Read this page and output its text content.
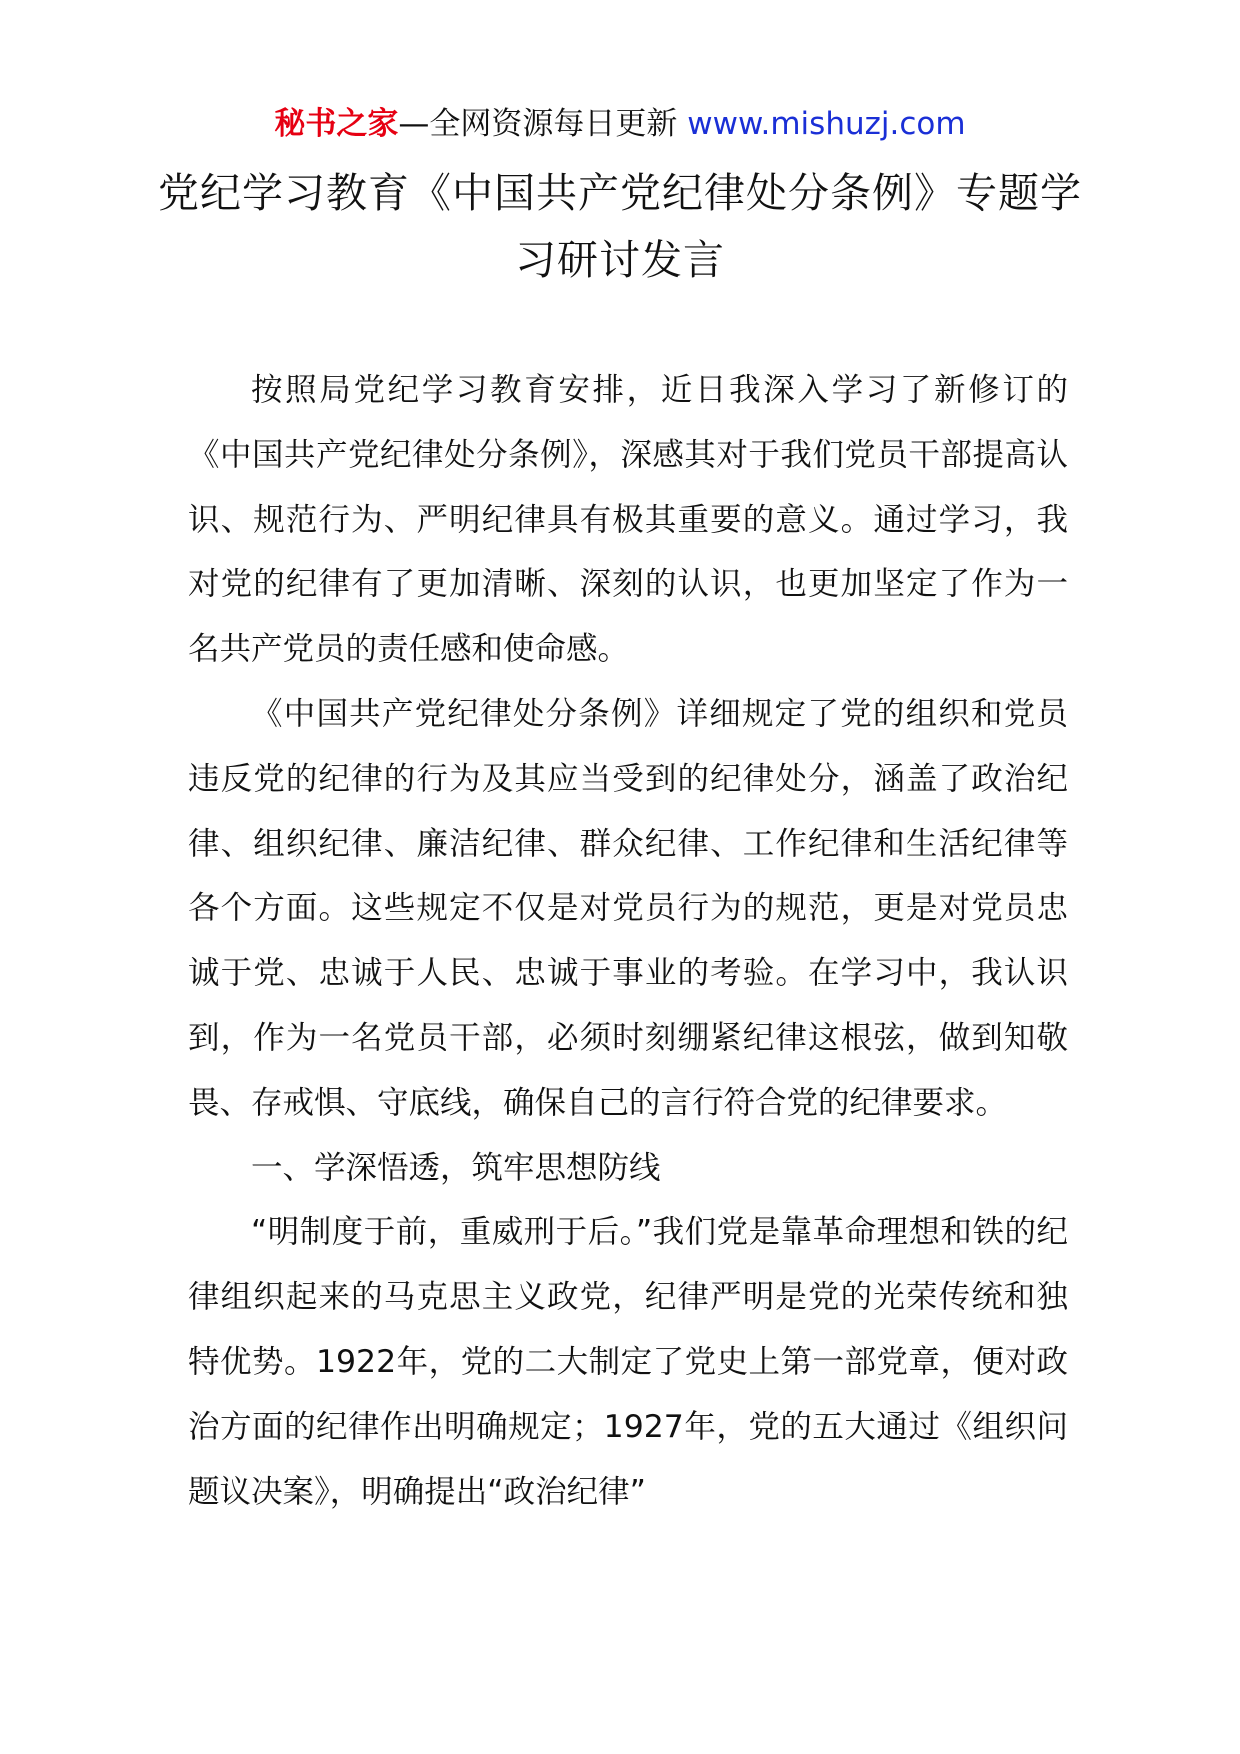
秘书之家—全网资源每日更新 www.mishuzj.com
党纪学习教育《中国共产党纪律处分条例》专题学习研讨发言

按照局党纪学习教育安排，近日我深入学习了新修订的《中国共产党纪律处分条例》，深感其对于我们党员干部提高认识、规范行为、严明纪律具有极其重要的意义。通过学习，我对党的纪律有了更加清晰、深刻的认识，也更加坚定了作为一名共产党员的责任感和使命感。

《中国共产党纪律处分条例》详细规定了党的组织和党员违反党的纪律的行为及其应当受到的纪律处分，涵盖了政治纪律、组织纪律、廉洁纪律、群众纪律、工作纪律和生活纪律等各个方面。这些规定不仅是对党员行为的规范，更是对党员忠诚于党、忠诚于人民、忠诚于事业的考验。在学习中，我认识到，作为一名党员干部，必须时刻绷紧纪律这根弦，做到知敬畏、存戒惧、守底线，确保自己的言行符合党的纪律要求。

一、学深悟透，筑牢思想防线

“明制度于前，重威刑于后。”我们党是靠革命理想和铁的纪律组织起来的马克思主义政党，纪律严明是党的光荣传统和独特优势。1922年，党的二大制定了党史上第一部党章，便对政治方面的纪律作出明确规定；1927年，党的五大通过《组织问题议决案》，明确提出“政治纪律”
